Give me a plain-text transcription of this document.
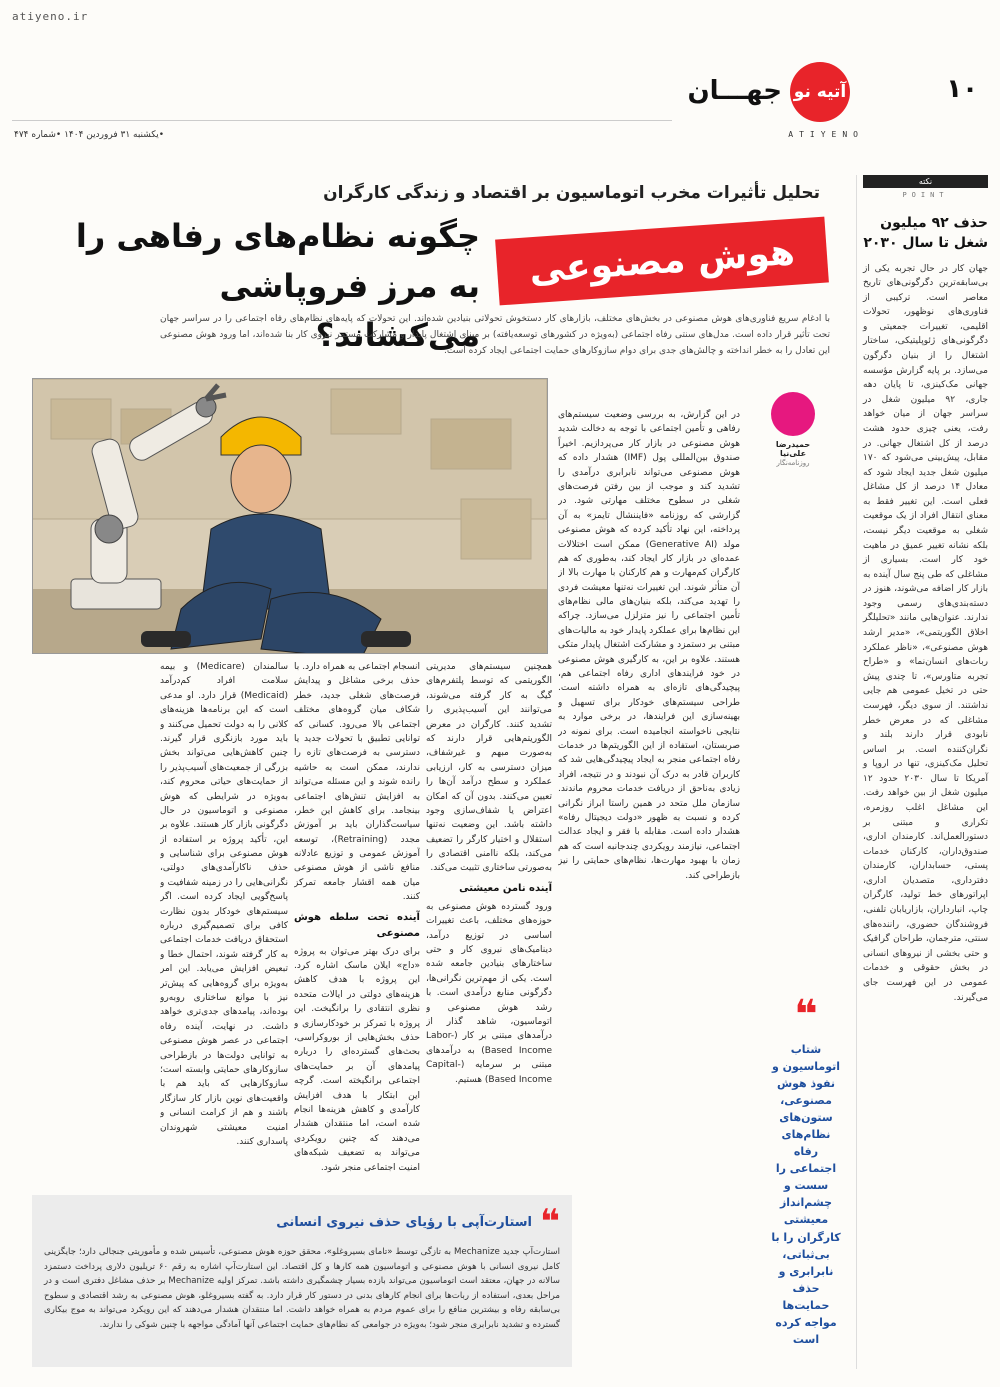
atiyeno.ir
۱۰
آتیه نو
جهـــان
ATIYENO
•یکشنبه ۳۱ فروردین ۱۴۰۴ •شماره ۴۷۴
نکته
POINT
حذف ۹۲ میلیون شغل تا سال ۲۰۳۰
جهان کار در حال تجربه یکی از بی‌سابقه‌ترین دگرگونی‌های تاریخ معاصر است. ترکیبی از فناوری‌های نوظهور، تحولات اقلیمی، تغییرات جمعیتی و دگرگونی‌های ژئوپلیتیکی، ساختار اشتغال را از بنیان دگرگون می‌سازد. بر پایه گزارش مؤسسه جهانی مک‌کینزی، تا پایان دهه جاری، ۹۲ میلیون شغل در سراسر جهان از میان خواهد رفت، یعنی چیزی حدود هشت درصد از کل اشتغال جهانی. در مقابل، پیش‌بینی می‌شود که ۱۷۰ میلیون شغل جدید ایجاد شود که معادل ۱۴ درصد از کل مشاغل فعلی است. این تغییر فقط به معنای انتقال افراد از یک موقعیت شغلی به موقعیت دیگر نیست، بلکه نشانه تغییر عمیق در ماهیت خود کار است. بسیاری از مشاغلی که طی پنج سال آینده به بازار کار اضافه می‌شوند، هنوز در دسته‌بندی‌های رسمی وجود ندارند. عنوان‌هایی مانند «تحلیلگر اخلاق الگوریتمی»، «مدیر ارشد هوش مصنوعی»، «ناظر عملکرد ربات‌های انسان‌نما» و «طراح تجربه متاورس»، تا چندی پیش حتی در تخیل عمومی هم جایی نداشتند. از سوی دیگر، فهرست مشاغلی که در معرض خطر نابودی قرار دارند بلند و نگران‌کننده است. بر اساس تحلیل مک‌کینزی، تنها در اروپا و آمریکا تا سال ۲۰۳۰ حدود ۱۲ میلیون شغل از بین خواهد رفت. این مشاغل اغلب روزمره، تکراری و مبتنی بر دستورالعمل‌اند. کارمندان اداری، صندوق‌داران، کارکنان خدمات پستی، حسابداران، کارمندان دفترداری، متصدیان اداری، اپراتورهای خط تولید، کارگران چاپ، انبارداران، بازاریابان تلفنی، فروشندگان حضوری، راننده‌های سنتی، مترجمان، طراحان گرافیک و حتی بخشی از نیروهای انسانی در بخش حقوقی و خدمات عمومی در این فهرست جای می‌گیرند.
تحلیل تأثیرات مخرب اتوماسیون بر اقتصاد و زندگی کارگران
هوش مصنوعی
چگونه نظام‌های رفاهی را به مرز فروپاشی می‌کشاند؟

با ادغام سریع فناوری‌های هوش مصنوعی در بخش‌های مختلف، بازارهای کار دستخوش تحولاتی بنیادین شده‌اند. این تحولات که پایه‌های نظام‌های رفاه اجتماعی را در سراسر جهان تحت تأثیر قرار داده است. مدل‌های سنتی رفاه اجتماعی (به‌ویژه در کشورهای توسعه‌یافته) بر مبنای اشتغال پایدار و مشارکت مستمر نیروی کار بنا شده‌اند، اما ورود هوش مصنوعی این تعادل را به خطر انداخته و چالش‌های جدی برای دوام سازوکارهای حمایت اجتماعی ایجاد کرده است.

حمیدرضا علی‌نیا
روزنامه‌نگار

در این گزارش، به بررسی وضعیت سیستم‌های رفاهی و تأمین اجتماعی با توجه به دخالت شدید هوش مصنوعی در بازار کار می‌پردازیم. اخیراً صندوق بین‌المللی پول (IMF) هشدار داده که هوش مصنوعی می‌تواند نابرابری درآمدی را تشدید کند و موجب از بین رفتن فرصت‌های شغلی در سطوح مختلف مهارتی شود. در گزارشی که روزنامه «فایننشال تایمز» به آن پرداخته، این نهاد تأکید کرده که هوش مصنوعی مولد (Generative AI) ممکن است اختلالات عمده‌ای در بازار کار ایجاد کند، به‌طوری که هم کارگران کم‌مهارت و هم کارکنان با مهارت بالا از آن متأثر شوند. این تغییرات نه‌تنها معیشت فردی را تهدید می‌کند، بلکه بنیان‌های مالی نظام‌های تأمین اجتماعی را نیز متزلزل می‌سازد. چراکه این نظام‌ها برای عملکرد پایدار خود به مالیات‌های مبتنی بر دستمزد و مشارکت اشتغال پایدار متکی هستند. علاوه بر این، به کارگیری هوش مصنوعی در خود فرایندهای اداری رفاه اجتماعی هم، پیچیدگی‌های تازه‌ای به همراه داشته است. طراحی سیستم‌های خودکار برای تسهیل و بهینه‌سازی این فرایندها، در برخی موارد به نتایجی ناخواسته انجامیده است. برای نمونه در صربستان، استفاده از این الگوریتم‌ها در خدمات رفاه اجتماعی منجر به ایجاد پیچیدگی‌هایی شد که کاربران قادر به درک آن نبودند و در نتیجه، افراد زیادی به‌ناحق از دریافت خدمات محروم ماندند. سازمان ملل متحد در همین راستا ابراز نگرانی کرده و نسبت به ظهور «دولت دیجیتال رفاه» هشدار داده است. مقابله با فقر و ایجاد عدالت اجتماعی، نیازمند رویکردی چندجانبه است که هم زمان با بهبود مهارت‌ها، نظام‌های حمایتی را نیز بازطراحی کند.

همچنین سیستم‌های مدیریتی الگوریتمی که توسط پلتفرم‌های گیگ به کار گرفته می‌شوند، می‌توانند این آسیب‌پذیری را تشدید کنند. کارگران در معرض الگوریتم‌هایی قرار دارند که به‌صورت مبهم و غیرشفاف، میزان دسترسی به کار، ارزیابی عملکرد و سطح درآمد آن‌ها را تعیین می‌کنند. بدون آن که امکان اعتراض یا شفاف‌سازی وجود داشته باشد. این وضعیت نه‌تنها استقلال و اختیار کارگر را تضعیف می‌کند، بلکه ناامنی اقتصادی را به‌صورتی ساختاری تثبیت می‌کند.

آینده نامن معیشتی

ورود گسترده هوش مصنوعی به حوزه‌های مختلف، باعث تغییرات اساسی در توزیع درآمد، دینامیک‌های نیروی کار و حتی ساختارهای بنیادین جامعه شده است. یکی از مهم‌ترین نگرانی‌ها، دگرگونی منابع درآمدی است. با رشد هوش مصنوعی و اتوماسیون، شاهد گذار از درآمدهای مبتنی بر کار (Labor-Based Income) به درآمدهای مبتنی بر سرمایه (Capital-Based Income) هستیم.

انسجام اجتماعی به همراه دارد. با حذف برخی مشاغل و پیدایش فرصت‌های شغلی جدید، خطر شکاف میان گروه‌های مختلف اجتماعی بالا می‌رود. کسانی که توانایی تطبیق با تحولات جدید یا دسترسی به فرصت‌های تازه را ندارند، ممکن است به حاشیه رانده شوند و این مسئله می‌تواند به افزایش تنش‌های اجتماعی بینجامد. برای کاهش این خطر، سیاست‌گذاران باید بر آموزش مجدد (Retraining)، توسعه آموزش عمومی و توزیع عادلانه منافع ناشی از هوش مصنوعی میان همه اقشار جامعه تمرکز کنند.

آینده تحت سلطه هوش مصنوعی

برای درک بهتر می‌توان به پروژه «داج» ایلان ماسک اشاره کرد. این پروژه با هدف کاهش هزینه‌های دولتی در ایالات متحده نظری انتقادی را برانگیخت. این پروژه با تمرکز بر خودکارسازی و حذف بخش‌هایی از بوروکراسی، بحث‌های گسترده‌ای را درباره پیامدهای آن بر حمایت‌های اجتماعی برانگیخته است. گرچه این ابتکار با هدف افزایش کارآمدی و کاهش هزینه‌ها انجام شده است، اما منتقدان هشدار می‌دهند که چنین رویکردی می‌تواند به تضعیف شبکه‌های امنیت اجتماعی منجر شود.

سالمندان (Medicare) و بیمه سلامت افراد کم‌درآمد (Medicaid) قرار دارد. او مدعی است که این برنامه‌ها هزینه‌های کلانی را به دولت تحمیل می‌کنند و باید مورد بازنگری قرار گیرند. چنین کاهش‌هایی می‌تواند بخش بزرگی از جمعیت‌های آسیب‌پذیر را از حمایت‌های حیاتی محروم کند، به‌ویژه در شرایطی که هوش مصنوعی و اتوماسیون در حال دگرگونی بازار کار هستند. علاوه بر این، تأکید پروژه بر استفاده از هوش مصنوعی برای شناسایی و حذف ناکارآمدی‌های دولتی، نگرانی‌هایی را در زمینه شفافیت و پاسخ‌گویی ایجاد کرده است. اگر سیستم‌های خودکار بدون نظارت کافی برای تصمیم‌گیری درباره استحقاق دریافت خدمات اجتماعی به کار گرفته شوند، احتمال خطا و تبعیض افزایش می‌یابد. این امر به‌ویژه برای گروه‌هایی که پیش‌تر نیز با موانع ساختاری روبه‌رو بوده‌اند، پیامدهای جدی‌تری خواهد داشت. در نهایت، آینده رفاه اجتماعی در عصر هوش مصنوعی به توانایی دولت‌ها در بازطراحی سازوکارهای حمایتی وابسته است؛ سازوکارهایی که باید هم با واقعیت‌های نوین بازار کار سازگار باشند و هم از کرامت انسانی و امنیت معیشتی شهروندان پاسداری کنند.

❝
شتاب اتوماسیون و نفوذ هوش مصنوعی، ستون‌های نظام‌های رفاه اجتماعی را سست و چشم‌انداز معیشتی کارگران را با بی‌ثباتی، نابرابری و حذف حمایت‌ها مواجه کرده است
❝
استارت‌آپی با رؤیای حذف نیروی انسانی

استارت‌آپ جدید Mechanize به تازگی توسط «تامای بسیروغلو»، محقق حوزه هوش مصنوعی، تأسیس شده و مأموریتی جنجالی دارد؛ جایگزینی کامل نیروی انسانی با هوش مصنوعی و اتوماسیون همه کارها و کل اقتصاد. این استارت‌آپ اشاره به رقم ۶۰ تریلیون دلاری پرداخت دستمزد سالانه در جهان، معتقد است اتوماسیون می‌تواند بازده بسیار چشمگیری داشته باشد. تمرکز اولیه Mechanize بر حذف مشاغل دفتری است و در مراحل بعدی، استفاده از ربات‌ها برای انجام کارهای بدنی در دستور کار قرار دارد. به گفته بسیروغلو، هوش مصنوعی به رشد اقتصادی و سطوح بی‌سابقه رفاه و بیشترین منافع را برای عموم مردم به همراه خواهد داشت. اما منتقدان هشدار می‌دهند که این رویکرد می‌تواند به موج بیکاری گسترده و تشدید نابرابری منجر شود؛ به‌ویژه در جوامعی که نظام‌های حمایت اجتماعی آنها آمادگی مواجهه با چنین شوکی را ندارند.
